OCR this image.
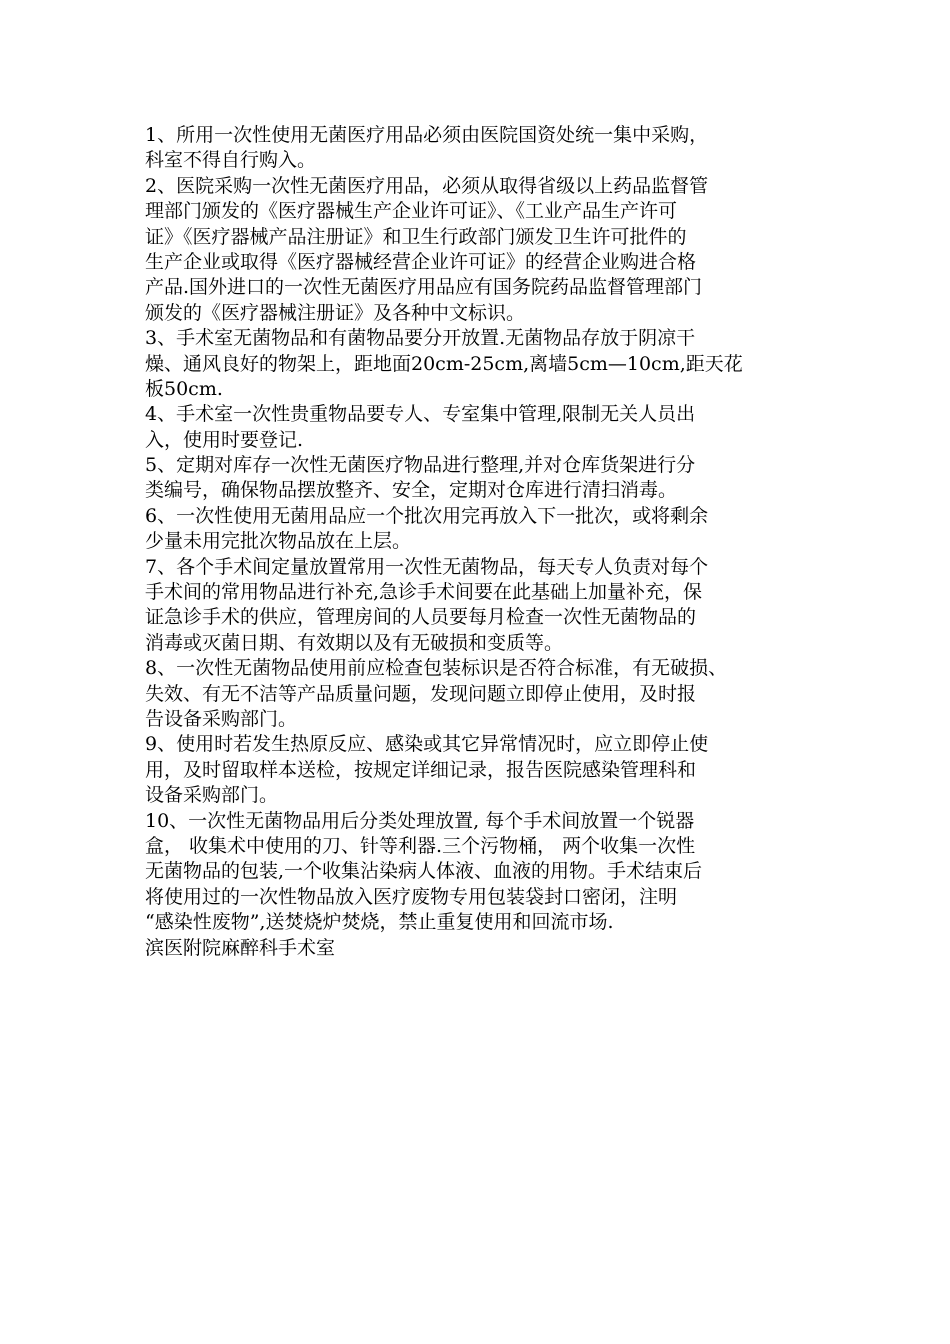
1、所用一次性使用无菌医疗用品必须由医院国资处统一集中采购，
科室不得自行购入。
2、医院采购一次性无菌医疗用品，必须从取得省级以上药品监督管
理部门颁发的《医疗器械生产企业许可证》、《工业产品生产许可
证》《医疗器械产品注册证》和卫生行政部门颁发卫生许可批件的
生产企业或取得《医疗器械经营企业许可证》的经营企业购进合格
产品.国外进口的一次性无菌医疗用品应有国务院药品监督管理部门
颁发的《医疗器械注册证》及各种中文标识。
3、手术室无菌物品和有菌物品要分开放置.无菌物品存放于阴凉干
燥、通风良好的物架上，距地面20cm-25cm,离墙5cm—10cm,距天花
板50cm.
4、手术室一次性贵重物品要专人、专室集中管理,限制无关人员出
入，使用时要登记.
5、定期对库存一次性无菌医疗物品进行整理,并对仓库货架进行分
类编号，确保物品摆放整齐、安全，定期对仓库进行清扫消毒。
6、一次性使用无菌用品应一个批次用完再放入下一批次，或将剩余
少量未用完批次物品放在上层。
7、各个手术间定量放置常用一次性无菌物品，每天专人负责对每个
手术间的常用物品进行补充,急诊手术间要在此基础上加量补充，保
证急诊手术的供应，管理房间的人员要每月检查一次性无菌物品的
消毒或灭菌日期、有效期以及有无破损和变质等。
8、一次性无菌物品使用前应检查包装标识是否符合标准，有无破损、
失效、有无不洁等产品质量问题，发现问题立即停止使用，及时报
告设备采购部门。
9、使用时若发生热原反应、感染或其它异常情况时，应立即停止使
用，及时留取样本送检，按规定详细记录，报告医院感染管理科和
设备采购部门。
10、一次性无菌物品用后分类处理放置, 每个手术间放置一个锐器
盒， 收集术中使用的刀、针等利器.三个污物桶， 两个收集一次性
无菌物品的包装,一个收集沾染病人体液、血液的用物。手术结束后
将使用过的一次性物品放入医疗废物专用包装袋封口密闭，注明
“感染性废物”,送焚烧炉焚烧，禁止重复使用和回流市场.
滨医附院麻醉科手术室
